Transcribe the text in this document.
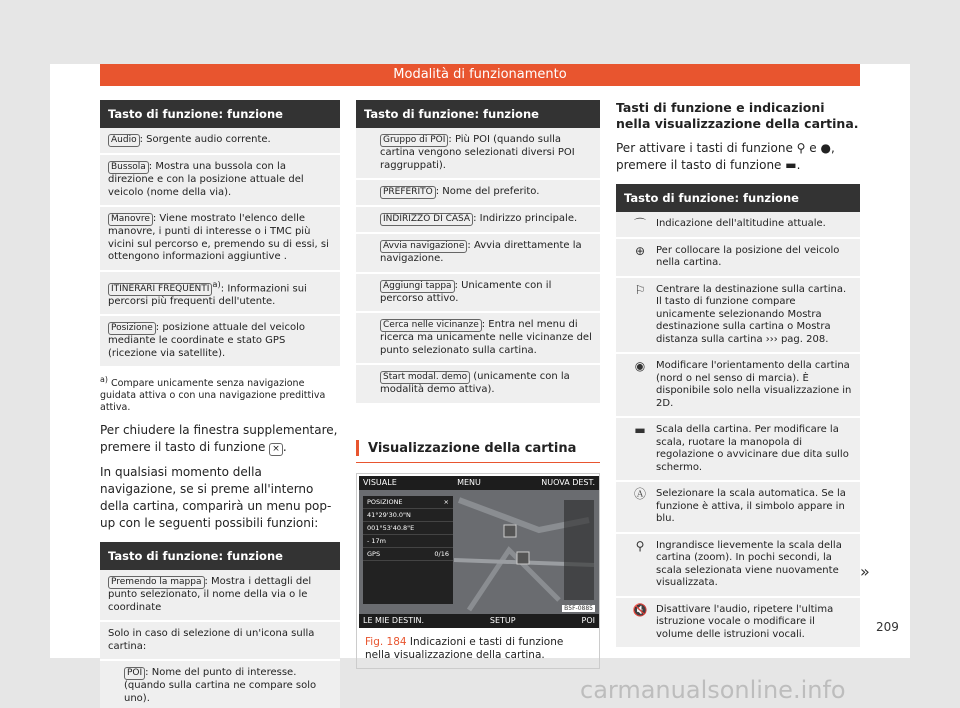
Modalità di funzionamento
Tasto di funzione: funzione
Audio : Sorgente audio corrente.
Bussola : Mostra una bussola con la direzione e con la posizione attuale del veicolo (nome della via).
Manovre : Viene mostrato l'elenco delle manovre, i punti di interesse o i TMC più vicini sul percorso e, premendo su di essi, si ottengono informazioni aggiuntive .
ITINERARI FREQUENTI$^{a)}$: Informazioni sui percorsi più frequenti dell'utente.
Posizione : posizione attuale del veicolo mediante le coordinate e stato GPS (ricezione via satellite).
$^{a)}$ Compare unicamente senza navigazione guidata attiva o con una navigazione predittiva attiva.
Per chiudere la finestra supplementare, premere il tasto di funzione × .
In qualsiasi momento della navigazione, se si preme all'interno della cartina, comparirà un menu pop-up con le seguenti possibili funzioni:
Tasto di funzione: funzione
Premendo la mappa : Mostra i dettagli del punto selezionato, il nome della via o le coordinate
Solo in caso di selezione di un'icona sulla cartina:
POI : Nome del punto di interesse. (quando sulla cartina ne compare solo uno).
Tasto di funzione: funzione
Gruppo di POI : Più POI (quando sulla cartina vengono selezionati diversi POI raggruppati).
PREFERITO : Nome del preferito.
INDIRIZZO DI CASA : Indirizzo principale.
Avvia navigazione : Avvia direttamente la navigazione.
Aggiungi tappa : Unicamente con il percorso attivo.
Cerca nelle vicinanze : Entra nel menu di ricerca ma unicamente nelle vicinanze del punto selezionato sulla cartina.
Start modal. demo (unicamente con la modalità demo attiva).
Visualizzazione della cartina
VISUALE	MENU	NUOVA DEST.
POSIZIONE	×
41°29'30.0"N
001°53'40.8"E
- 17m
GPS	0/16
B5F-0885
LE MIE DESTIN.	SETUP	POI
Fig. 184 Indicazioni e tasti di funzione nella visualizzazione della cartina.
Tasti di funzione e indicazioni nella visualizzazione della cartina.
Per attivare i tasti di funzione ⚲ e ●, premere il tasto di funzione ▬.
Tasto di funzione: funzione
⌒	Indicazione dell'altitudine attuale.
⊕	Per collocare la posizione del veicolo nella cartina.
⚐	Centrare la destinazione sulla cartina. Il tasto di funzione compare unicamente selezionando Mostra destinazione sulla cartina o Mostra distanza sulla cartina ››› pag. 208.
◉	Modificare l'orientamento della cartina (nord o nel senso di marcia). È disponibile solo nella visualizzazione in 2D.
▬	Scala della cartina. Per modificare la scala, ruotare la manopola di regolazione o avvicinare due dita sullo schermo.
Ⓐ	Selezionare la scala automatica. Se la funzione è attiva, il simbolo appare in blu.
⚲	Ingrandisce lievemente la scala della cartina (zoom). In pochi secondi, la scala selezionata viene nuovamente visualizzata.
🔇 Disattivare l'audio, ripetere l'ultima istruzione vocale o modificare il volume delle istruzioni vocali.
»
209
carmanualsonline.info
